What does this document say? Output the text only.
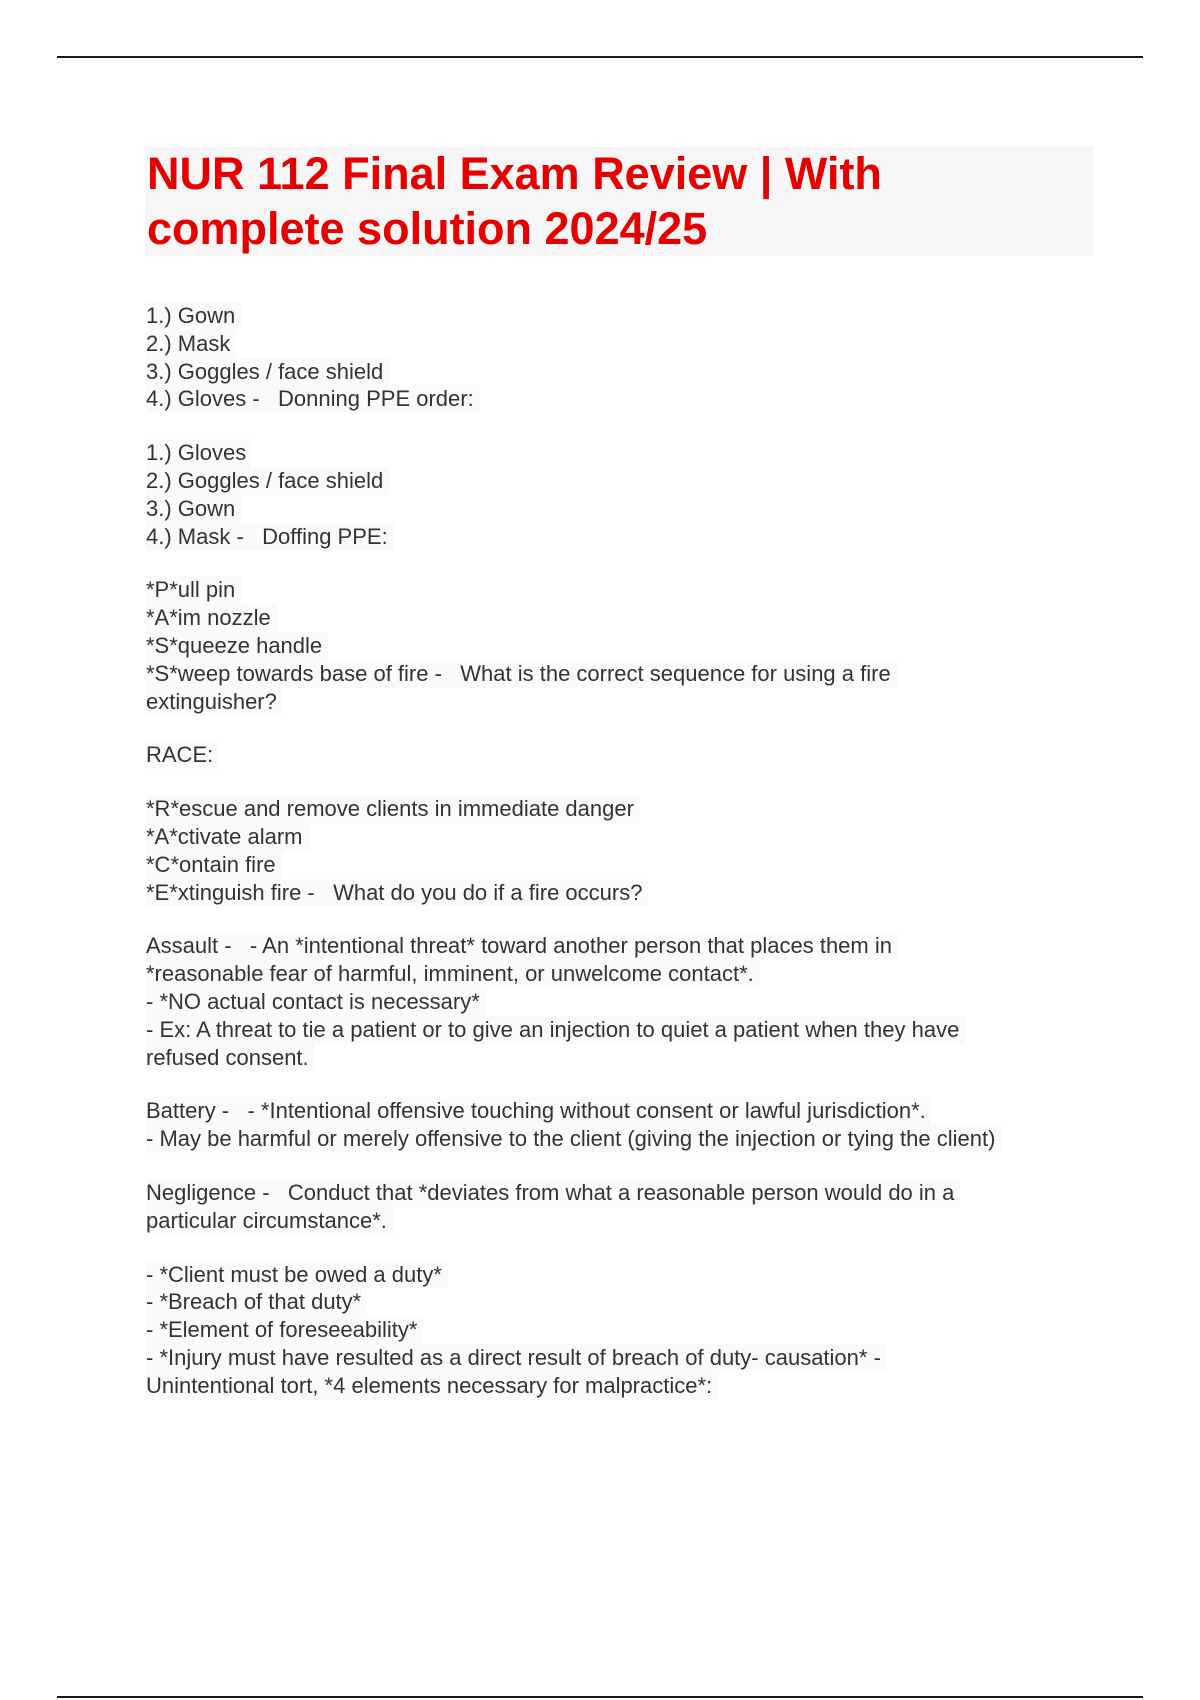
NUR 112 Final Exam Review | With complete solution 2024/25
1.) Gown
2.) Mask
3.) Goggles / face shield
4.) Gloves -   Donning PPE order:
1.) Gloves
2.) Goggles / face shield
3.) Gown
4.) Mask -   Doffing PPE:
*P*ull pin
*A*im nozzle
*S*queeze handle
*S*weep towards base of fire -   What is the correct sequence for using a fire
extinguisher?
RACE:
*R*escue and remove clients in immediate danger
*A*ctivate alarm
*C*ontain fire
*E*xtinguish fire -   What do you do if a fire occurs?
Assault -   - An *intentional threat* toward another person that places them in
*reasonable fear of harmful, imminent, or unwelcome contact*.
- *NO actual contact is necessary*
- Ex: A threat to tie a patient or to give an injection to quiet a patient when they have
refused consent.
Battery -   - *Intentional offensive touching without consent or lawful jurisdiction*.
- May be harmful or merely offensive to the client (giving the injection or tying the client)
Negligence -   Conduct that *deviates from what a reasonable person would do in a
particular circumstance*.
- *Client must be owed a duty*
- *Breach of that duty*
- *Element of foreseeability*
- *Injury must have resulted as a direct result of breach of duty- causation* -
Unintentional tort, *4 elements necessary for malpractice*:
